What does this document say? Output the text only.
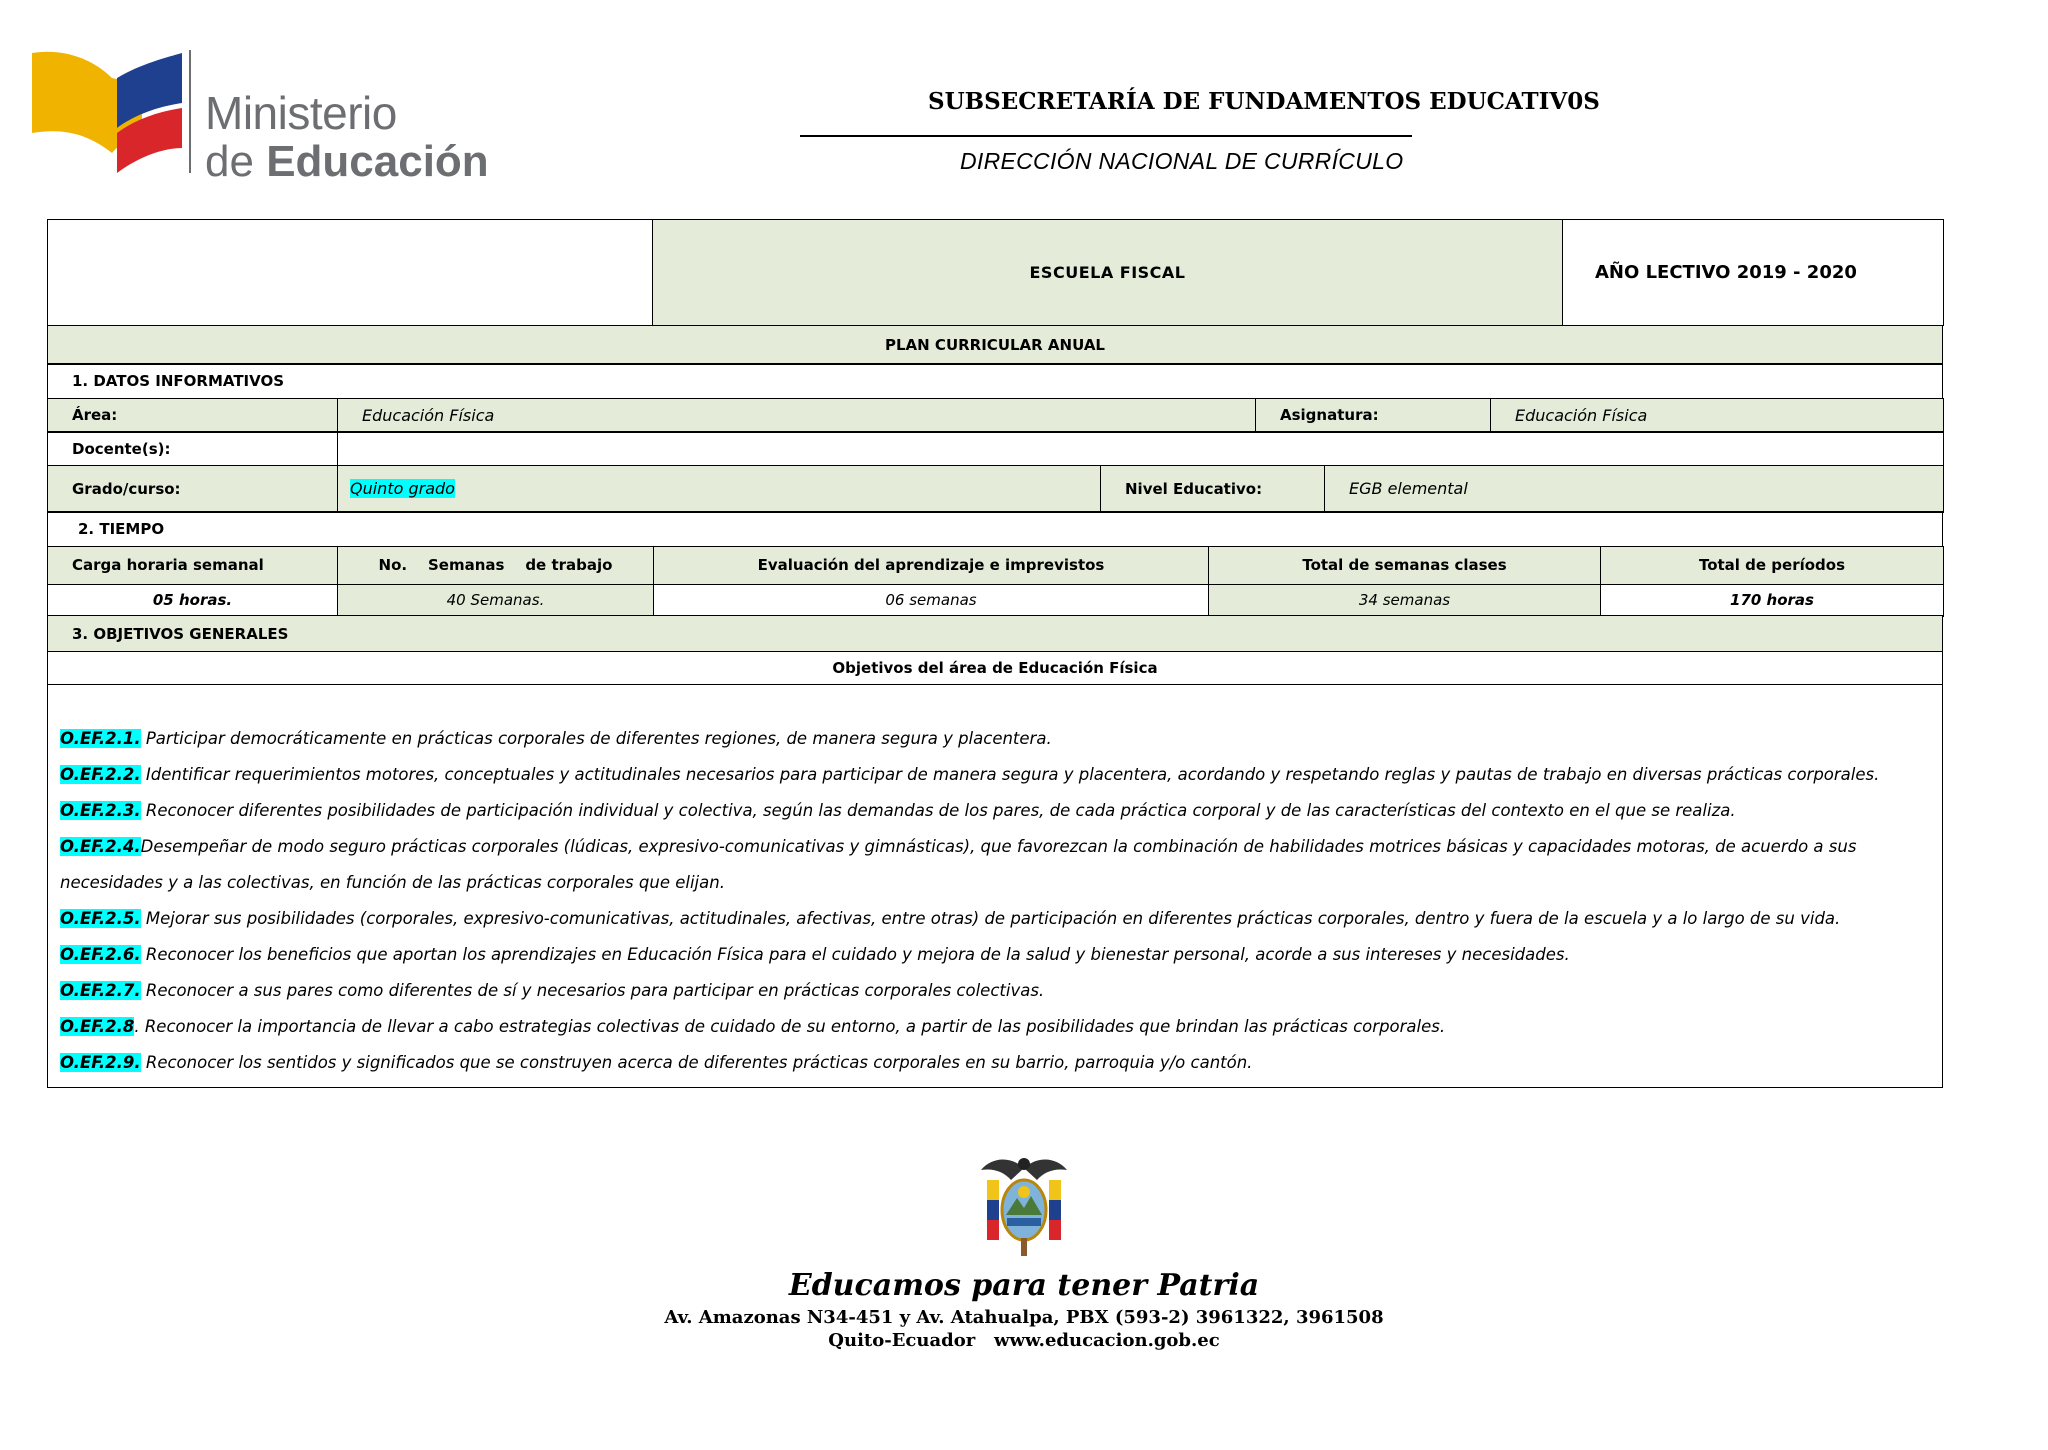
Ministerio
de Educación
SUBSECRETARÍA DE FUNDAMENTOS EDUCATIV0S
DIRECCIÓN NACIONAL DE CURRÍCULO
	ESCUELA FISCAL	AÑO LECTIVO 2019 - 2020
PLAN CURRICULAR ANUAL
1. DATOS INFORMATIVOS
Área:	Educación Física	Asignatura:	Educación Física
Docente(s):	
Grado/curso:	Quinto grado	Nivel Educativo:	EGB elemental
2. TIEMPO
Carga horaria semanal	No.    Semanas    de trabajo	Evaluación del aprendizaje e imprevistos	Total de semanas clases	Total de períodos
05 horas.	40 Semanas.	06 semanas	34 semanas	170 horas
3. OBJETIVOS GENERALES
Objetivos del área de Educación Física
O.EF.2.1. Participar democráticamente en prácticas corporales de diferentes regiones, de manera segura y placentera.
O.EF.2.2. Identificar requerimientos motores, conceptuales y actitudinales necesarios para participar de manera segura y placentera, acordando y respetando reglas y pautas de trabajo en diversas prácticas corporales.
O.EF.2.3. Reconocer diferentes posibilidades de participación individual y colectiva, según las demandas de los pares, de cada práctica corporal y de las características del contexto en el que se realiza.
O.EF.2.4.Desempeñar de modo seguro prácticas corporales (lúdicas, expresivo-comunicativas y gimnásticas), que favorezcan la combinación de habilidades motrices básicas y capacidades motoras, de acuerdo a sus necesidades y a las colectivas, en función de las prácticas corporales que elijan.
O.EF.2.5. Mejorar sus posibilidades (corporales, expresivo-comunicativas, actitudinales, afectivas, entre otras) de participación en diferentes prácticas corporales, dentro y fuera de la escuela y a lo largo de su vida.
O.EF.2.6. Reconocer los beneficios que aportan los aprendizajes en Educación Física para el cuidado y mejora de la salud y bienestar personal, acorde a sus intereses y necesidades.
O.EF.2.7. Reconocer a sus pares como diferentes de sí y necesarios para participar en prácticas corporales colectivas.
O.EF.2.8. Reconocer la importancia de llevar a cabo estrategias colectivas de cuidado de su entorno, a partir de las posibilidades que brindan las prácticas corporales.
O.EF.2.9. Reconocer los sentidos y significados que se construyen acerca de diferentes prácticas corporales en su barrio, parroquia y/o cantón.
Educamos para tener Patria
Av. Amazonas N34-451 y Av. Atahualpa, PBX (593-2) 3961322, 3961508
Quito-Ecuador   www.educacion.gob.ec
